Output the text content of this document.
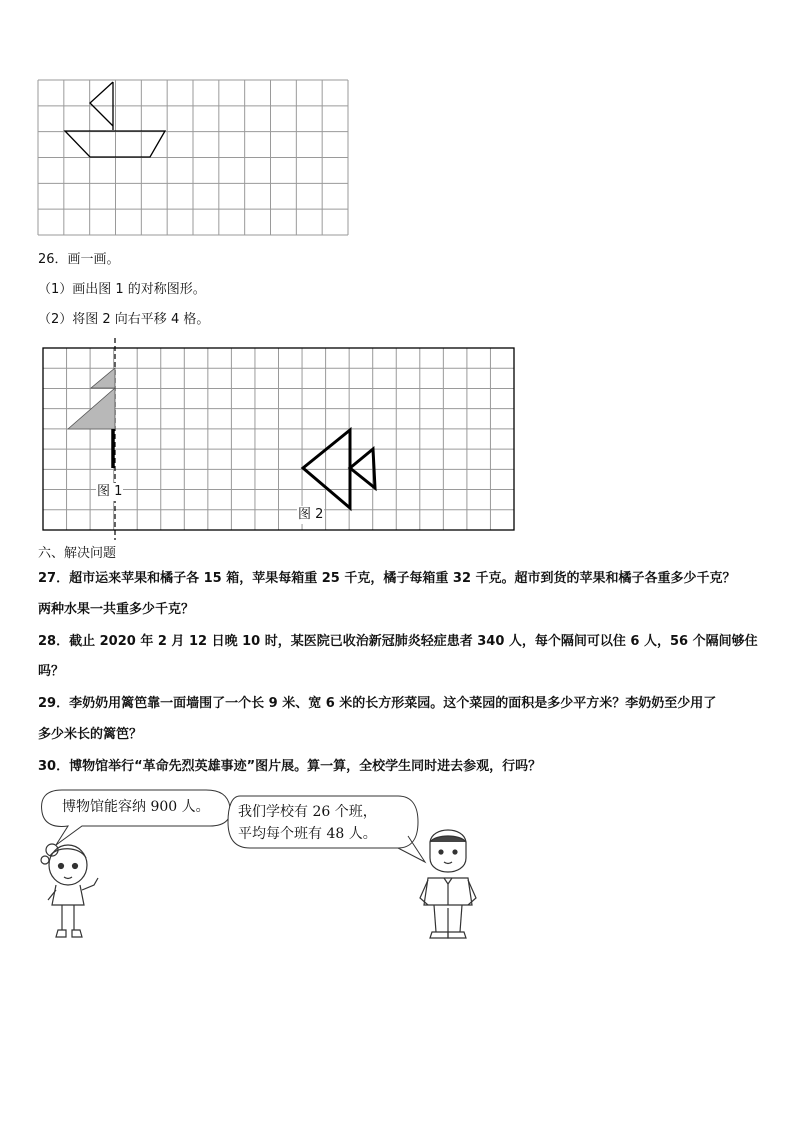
26．画一画。
（1）画出图 1 的对称图形。
（2）将图 2 向右平移 4 格。
图 1
图 2
六、解决问题
27．超市运来苹果和橘子各 15 箱，苹果每箱重 25 千克，橘子每箱重 32 千克。超市到货的苹果和橘子各重多少千克？
两种水果一共重多少千克？
28．截止 2020 年 2 月 12 日晚 10 时，某医院已收治新冠肺炎轻症患者 340 人，每个隔间可以住 6 人，56 个隔间够住
吗？
29．李奶奶用篱笆靠一面墙围了一个长 9 米、宽 6 米的长方形菜园。这个菜园的面积是多少平方米？李奶奶至少用了
多少米长的篱笆？
30．博物馆举行“革命先烈英雄事迹”图片展。算一算，全校学生同时进去参观，行吗？
博物馆能容纳 900 人。 我们学校有 26 个班，
平均每个班有 48 人。
